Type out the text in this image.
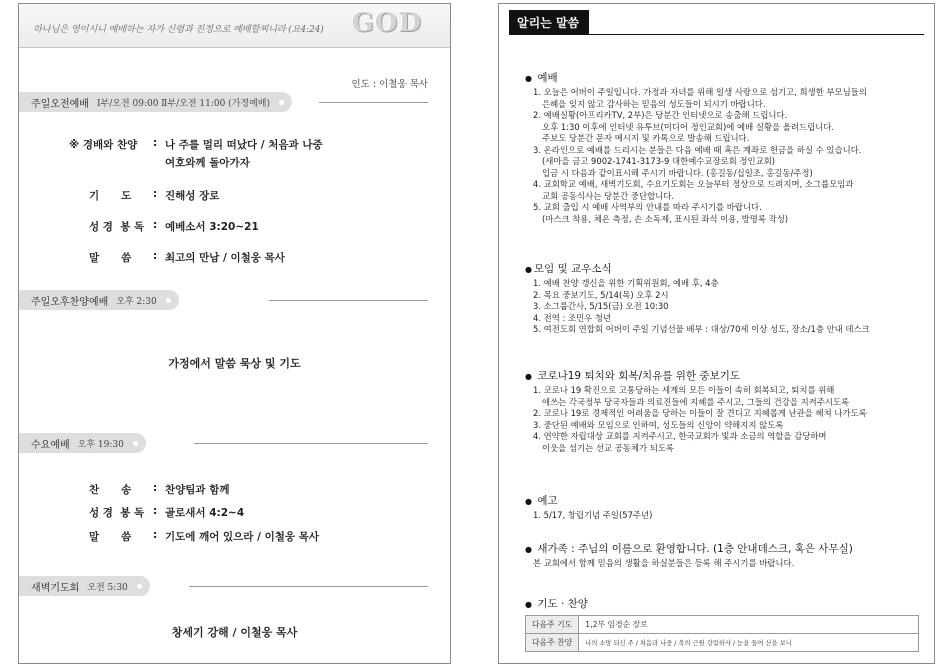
하나님은 영이시니 예배하는 자가 신령과 진정으로 예배할찌니라 (요4:24) GOD
인도 : 이철웅 목사
주일오전예배 Ⅰ부/오전 09:00 Ⅱ부/오전 11:00 (가정예배)
※ 경배와 찬양	: 나 주를 멀리 떠났다 / 처음과 나중
여호와께 돌아가자
기      도	: 진해성 장로
성 경  봉 독 : 예베소서 3:20~21
말      씀	: 최고의 만남 / 이철웅 목사
주일오후찬양예배 오후 2:30
가정에서 말씀 묵상 및 기도
수요예배 오후 19:30
찬      송	: 찬양팀과 함께
성 경  봉 독 : 골로새서 4:2~4
말      씀	: 기도에 깨어 있으라 / 이철웅 목사
새벽기도회 오전 5:30
창세기 강해 / 이철웅 목사
알리는 말씀
● 예배
1. 오늘은 어버이 주일입니다. 가정과 자녀를 위해 일생 사랑으로 섬기고, 희생한 부모님들의
은혜을 잊지 않고 감사하는 믿음의 성도들이 되시기 바랍니다.
2. 예배실황(아프리카TV, 2부)은 당분간 인터넷으로 송출해 드립니다.
오후 1:30 이후에 인터넷 유투브(미디어 정인교회)에 예배 실황을 올려드립니다.
주보도 당분간 문자 메시지 및 카톡으로 발송해 드립니다.
3. 온라인으로 예배를 드리시는 분들은 다음 예배 때 혹은 계좌로 헌금을 하실 수 있습니다.
(새마을 금고 9002-1741-3173-9 대한예수교장로회 정인교회)
입금 시 다음과 같이표시해 주시기 바랍니다. (홍길동/십일조, 홍길동/주정)
4. 교회학교 예배, 새벽기도회, 수요기도회는 오늘부터 정상으로 드려지며, 소그룹모임과
교회 공동식사는 당분간 중단합니다.
5. 교회 출입 시 예배 사역부의 안내를 따라 주시기를 바랍니다.
(마스크 착용, 체온 측정, 손 소독제, 표시된 좌석 이용, 방명록 작성)
● 모임 및 교우소식
1. 예배 찬양 갱신을 위한 기획위원회, 예배 후, 4층
2. 목요 중보기도, 5/14(목) 오후 2시
3. 소그룹간사, 5/15(금) 오전 10:30
4. 전역 : 조민우 청년
5. 여전도회 연합회 어버이 주일 기념선물 배부 : 대상/70세 이상 성도, 장소/1층 안내 데스크
● 코로나19 퇴치와 회복/치유를 위한 중보기도
1. 코로나 19 확진으로 고통당하는 세계의 모든 이들이 속히 회복되고, 퇴치를 위해
애쓰는 각국정부 당국자들과 의료진들에 지혜를 주시고, 그들의 건강을 지켜주시도록
2. 코로나 19로 경제적인 어려움을 당하는 이들이 잘 견디고 지혜롭게 난관을 헤쳐 나가도록
3. 중단된 예배와 모임으로 인하여, 성도들의 신앙이 약해지지 않도록
4. 연약한 자립대상 교회를 지켜주시고, 한국교회가 빛과 소금의 역할을 감당하며
이웃을 섬기는 선교 공동체가 되도록
● 예고
1. 5/17, 창립기념 주일(57주년)
● 새가족 : 주님의 이름으로 환영합니다. (1층 안내데스크, 혹은 사무실)
본 교회에서 함께 믿음의 생활을 하실분들은 등록 해 주시기를 바랍니다.
● 기도 · 찬양
다음주 기도	1,2부 임경순 장로
다음주 찬양	나의 소망 되신 주 / 처음과 나중 / 복의 근원 강림하사 / 눈을 들어 산을 보니
